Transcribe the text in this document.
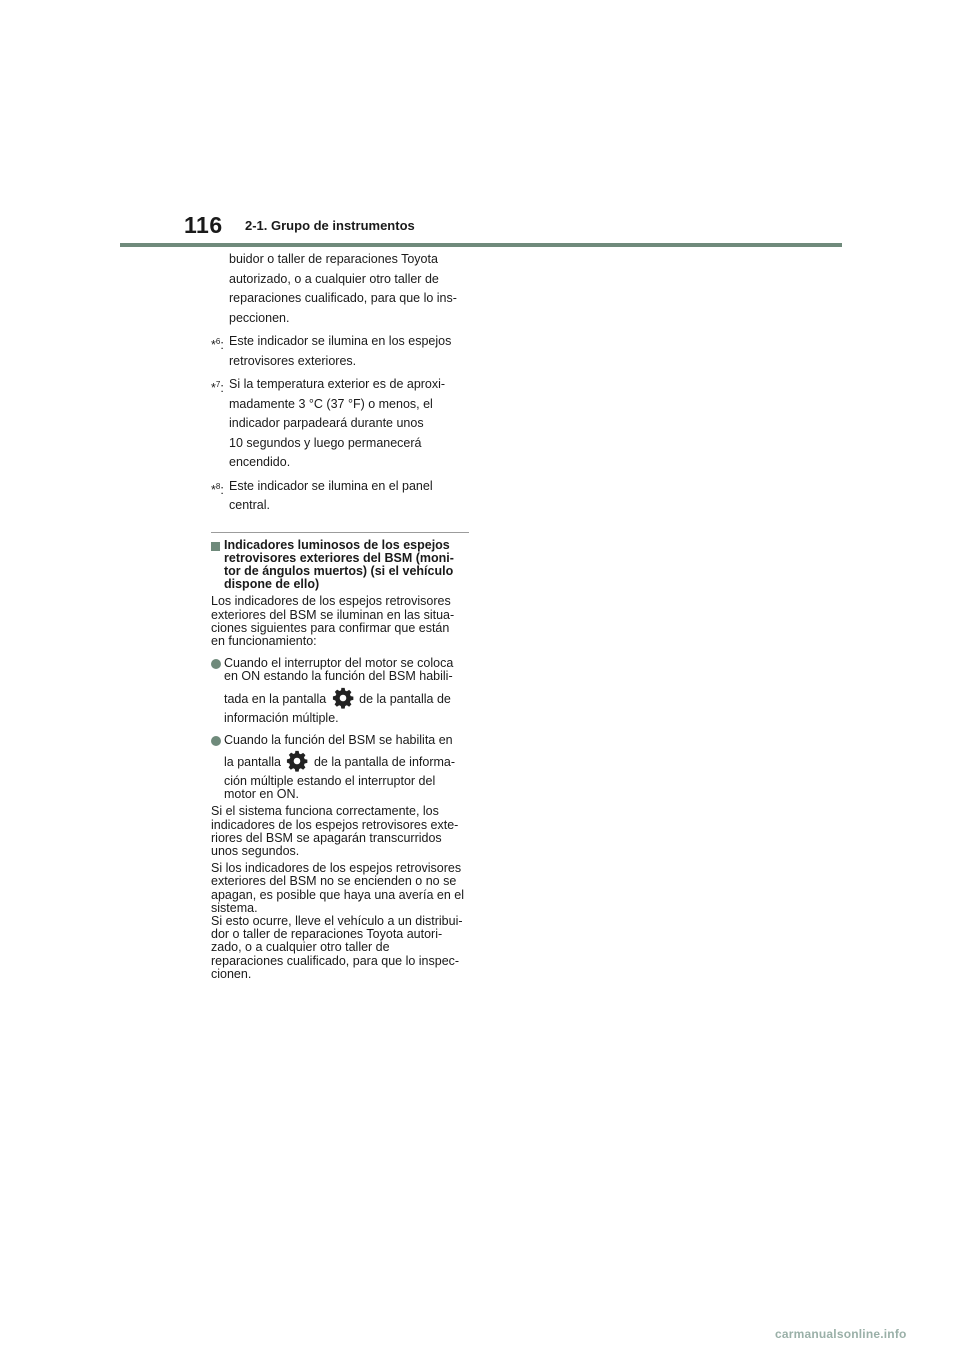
116 2-1. Grupo de instrumentos
buidor o taller de reparaciones Toyota
autorizado, o a cualquier otro taller de
reparaciones cualificado, para que lo ins-
peccionen.
*$^6$: Este indicador se ilumina en los espejos
retrovisores exteriores.
*$^7$: Si la temperatura exterior es de aproxi-
madamente 3 °C (37 °F) o menos, el
indicador parpadeará durante unos
10 segundos y luego permanecerá
encendido.
*$^8$: Este indicador se ilumina en el panel
central.
Indicadores luminosos de los espejos
retrovisores exteriores del BSM (moni-
tor de ángulos muertos) (si el vehículo
dispone de ello)
Los indicadores de los espejos retrovisores
exteriores del BSM se iluminan en las situa-
ciones siguientes para confirmar que están
en funcionamiento:
Cuando el interruptor del motor se coloca
en ON estando la función del BSM habili-
tada en la pantalla	de la pantalla de
información múltiple.
Cuando la función del BSM se habilita en
la pantalla	de la pantalla de informa-
ción múltiple estando el interruptor del
motor en ON.
Si el sistema funciona correctamente, los
indicadores de los espejos retrovisores exte-
riores del BSM se apagarán transcurridos
unos segundos.
Si los indicadores de los espejos retrovisores
exteriores del BSM no se encienden o no se
apagan, es posible que haya una avería en el
sistema.
Si esto ocurre, lleve el vehículo a un distribui-
dor o taller de reparaciones Toyota autori-
zado, o a cualquier otro taller de
reparaciones cualificado, para que lo inspec-
cionen.
carmanualsonline.info
